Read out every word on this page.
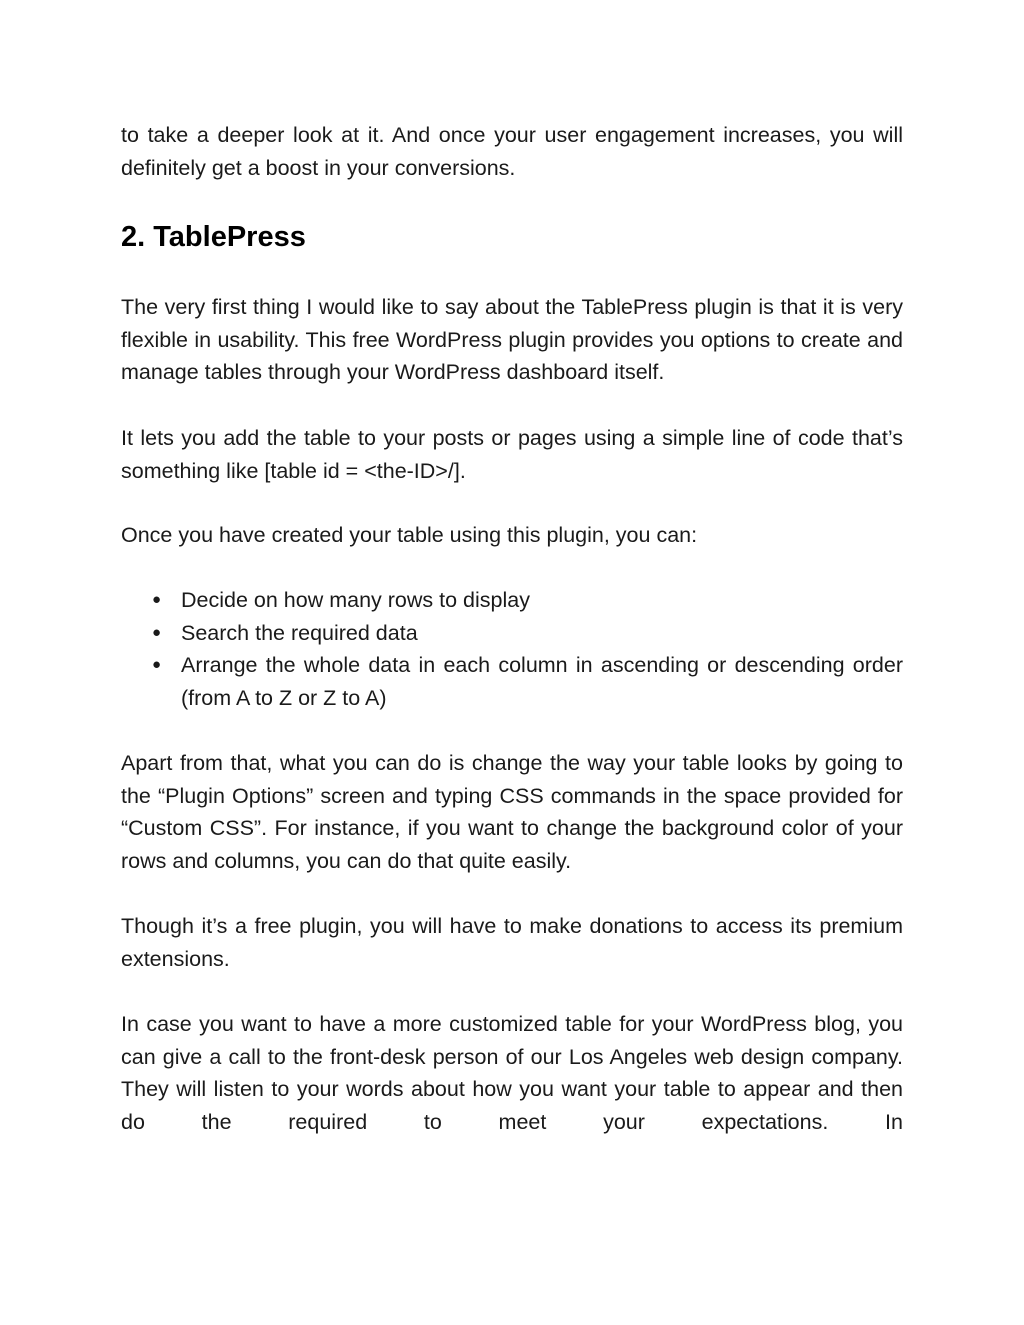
to take a deeper look at it. And once your user engagement increases, you will definitely get a boost in your conversions.

2. TablePress

The very first thing I would like to say about the TablePress plugin is that it is very flexible in usability. This free WordPress plugin provides you options to create and manage tables through your WordPress dashboard itself.

It lets you add the table to your posts or pages using a simple line of code that’s something like [table id = <the-ID>/].

Once you have created your table using this plugin, you can:

● Decide on how many rows to display
● Search the required data
● Arrange the whole data in each column in ascending or descending order (from A to Z or Z to A)

Apart from that, what you can do is change the way your table looks by going to the “Plugin Options” screen and typing CSS commands in the space provided for “Custom CSS”. For instance, if you want to change the background color of your rows and columns, you can do that quite easily.

Though it’s a free plugin, you will have to make donations to access its premium extensions.

In case you want to have a more customized table for your WordPress blog, you can give a call to the front-desk person of our Los Angeles web design company. They will listen to your words about how you want your table to appear and then do the required to meet your expectations. In
